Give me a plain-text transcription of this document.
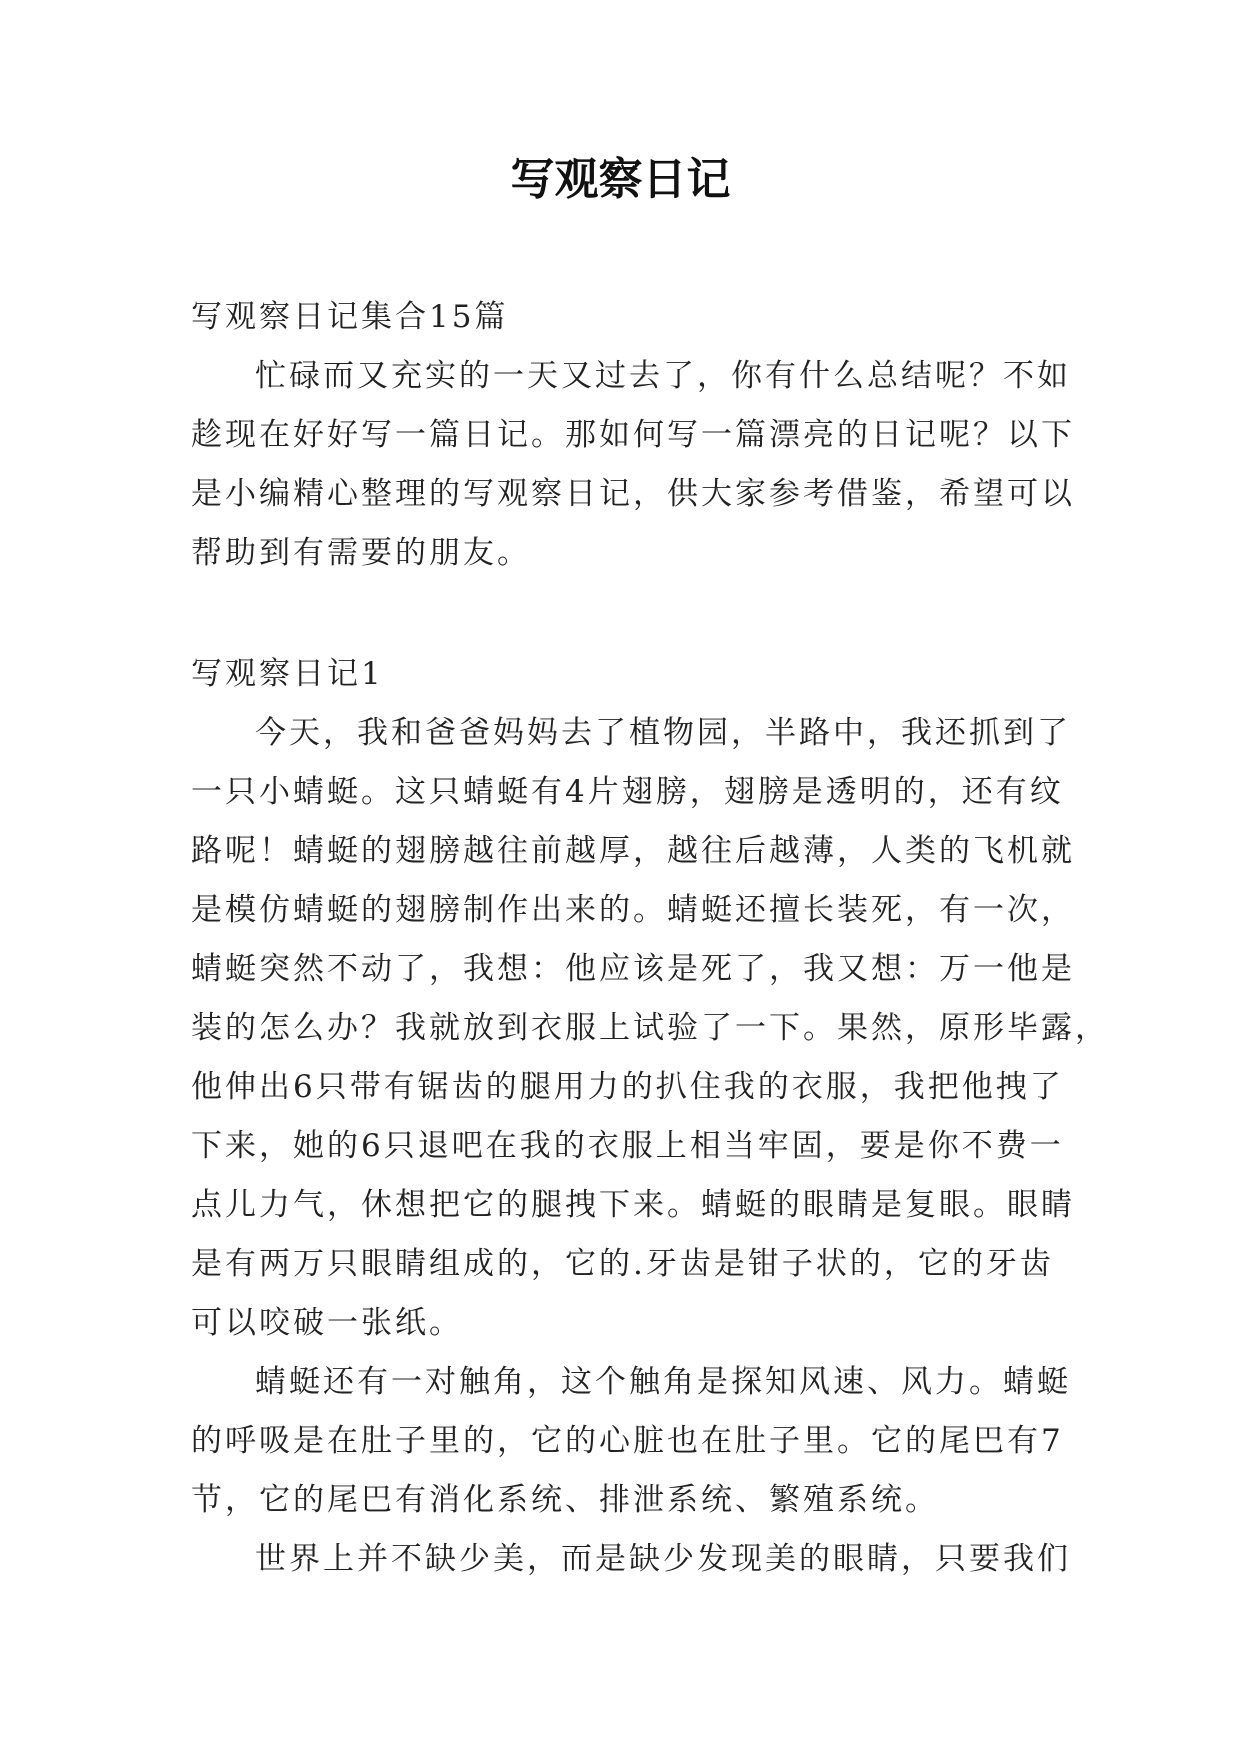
写观察日记
写观察日记集合15篇
忙碌而又充实的一天又过去了，你有什么总结呢？不如
趁现在好好写一篇日记。那如何写一篇漂亮的日记呢？以下
是小编精心整理的写观察日记，供大家参考借鉴，希望可以
帮助到有需要的朋友。
写观察日记1
今天，我和爸爸妈妈去了植物园，半路中，我还抓到了
一只小蜻蜓。这只蜻蜓有4片翅膀，翅膀是透明的，还有纹
路呢！蜻蜓的翅膀越往前越厚，越往后越薄，人类的飞机就
是模仿蜻蜓的翅膀制作出来的。蜻蜓还擅长装死，有一次，
蜻蜓突然不动了，我想：他应该是死了，我又想：万一他是
装的怎么办？我就放到衣服上试验了一下。果然，原形毕露，
他伸出6只带有锯齿的腿用力的扒住我的衣服，我把他拽了
下来，她的6只退吧在我的衣服上相当牢固，要是你不费一
点儿力气，休想把它的腿拽下来。蜻蜓的眼睛是复眼。眼睛
是有两万只眼睛组成的，它的.牙齿是钳子状的，它的牙齿
可以咬破一张纸。
蜻蜓还有一对触角，这个触角是探知风速、风力。蜻蜓
的呼吸是在肚子里的，它的心脏也在肚子里。它的尾巴有7
节，它的尾巴有消化系统、排泄系统、繁殖系统。
世界上并不缺少美，而是缺少发现美的眼睛，只要我们
